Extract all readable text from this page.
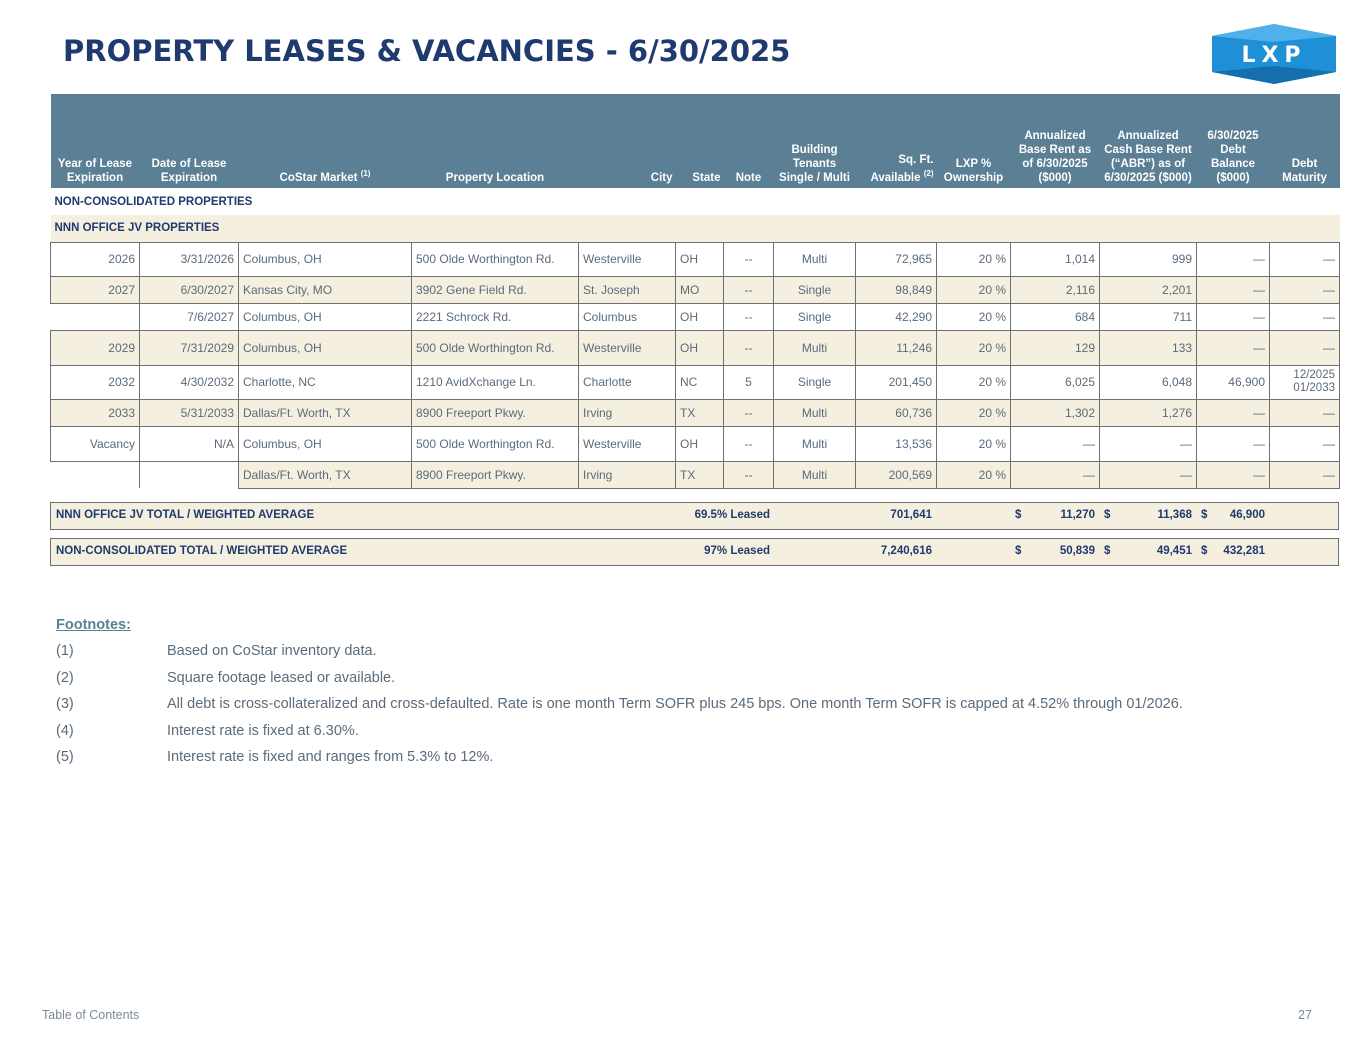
PROPERTY LEASES & VACANCIES - 6/30/2025	LXP
Year of Lease Expiration	Date of Lease Expiration	CoStar Market $^{(1)}$	Property Location	City	State	Note	Building Tenants Single / Multi	Sq. Ft. Available $^{(2)}$	LXP % Ownership	Annualized Base Rent as of 6/30/2025 ($000)	Annualized Cash Base Rent (“ABR”) as of 6/30/2025 ($000)	6/30/2025 Debt Balance ($000)	Debt Maturity
NON-CONSOLIDATED PROPERTIES													
NNN OFFICE JV PROPERTIES													
2026	3/31/2026	Columbus, OH	500 Olde Worthington Rd.	Westerville	OH	--	Multi	72,965	20 %	1,014	999	—	—
2027	6/30/2027	Kansas City, MO	3902 Gene Field Rd.	St. Joseph	MO	--	Single	98,849	20 %	2,116	2,201	—	—
	7/6/2027	Columbus, OH	2221 Schrock Rd.	Columbus	OH	--	Single	42,290	20 %	684	711	—	—
2029	7/31/2029	Columbus, OH	500 Olde Worthington Rd.	Westerville	OH	--	Multi	11,246	20 %	129	133	—	—
2032	4/30/2032	Charlotte, NC	1210 AvidXchange Ln.	Charlotte	NC	5	Single	201,450	20 %	6,025	6,048	46,900	12/2025
01/2033

2033	5/31/2033	Dallas/Ft. Worth, TX	8900 Freeport Pkwy.	Irving	TX	--	Multi	60,736	20 %	1,302	1,276	—	—
Vacancy	N/A	Columbus, OH	500 Olde Worthington Rd.	Westerville	OH	--	Multi	13,536	20 %	—	—	—	—
		Dallas/Ft. Worth, TX	8900 Freeport Pkwy.	Irving	TX	--	Multi	200,569	20 %	—	—	—	—
NNN OFFICE JV TOTAL / WEIGHTED AVERAGE	69.5% Leased	701,641	$	11,270 $	11,368 $ 46,900
NON-CONSOLIDATED TOTAL / WEIGHTED AVERAGE	97% Leased	7,240,616	$	50,839 $	49,451 $ 432,281
Footnotes:
(1)	Based on CoStar inventory data.
(2)	Square footage leased or available.
(3)	All debt is cross-collateralized and cross-defaulted. Rate is one month Term SOFR plus 245 bps. One month Term SOFR is capped at 4.52% through 01/2026.
(4)	Interest rate is fixed at 6.30%.
(5)	Interest rate is fixed and ranges from 5.3% to 12%.
Table of Contents	27
